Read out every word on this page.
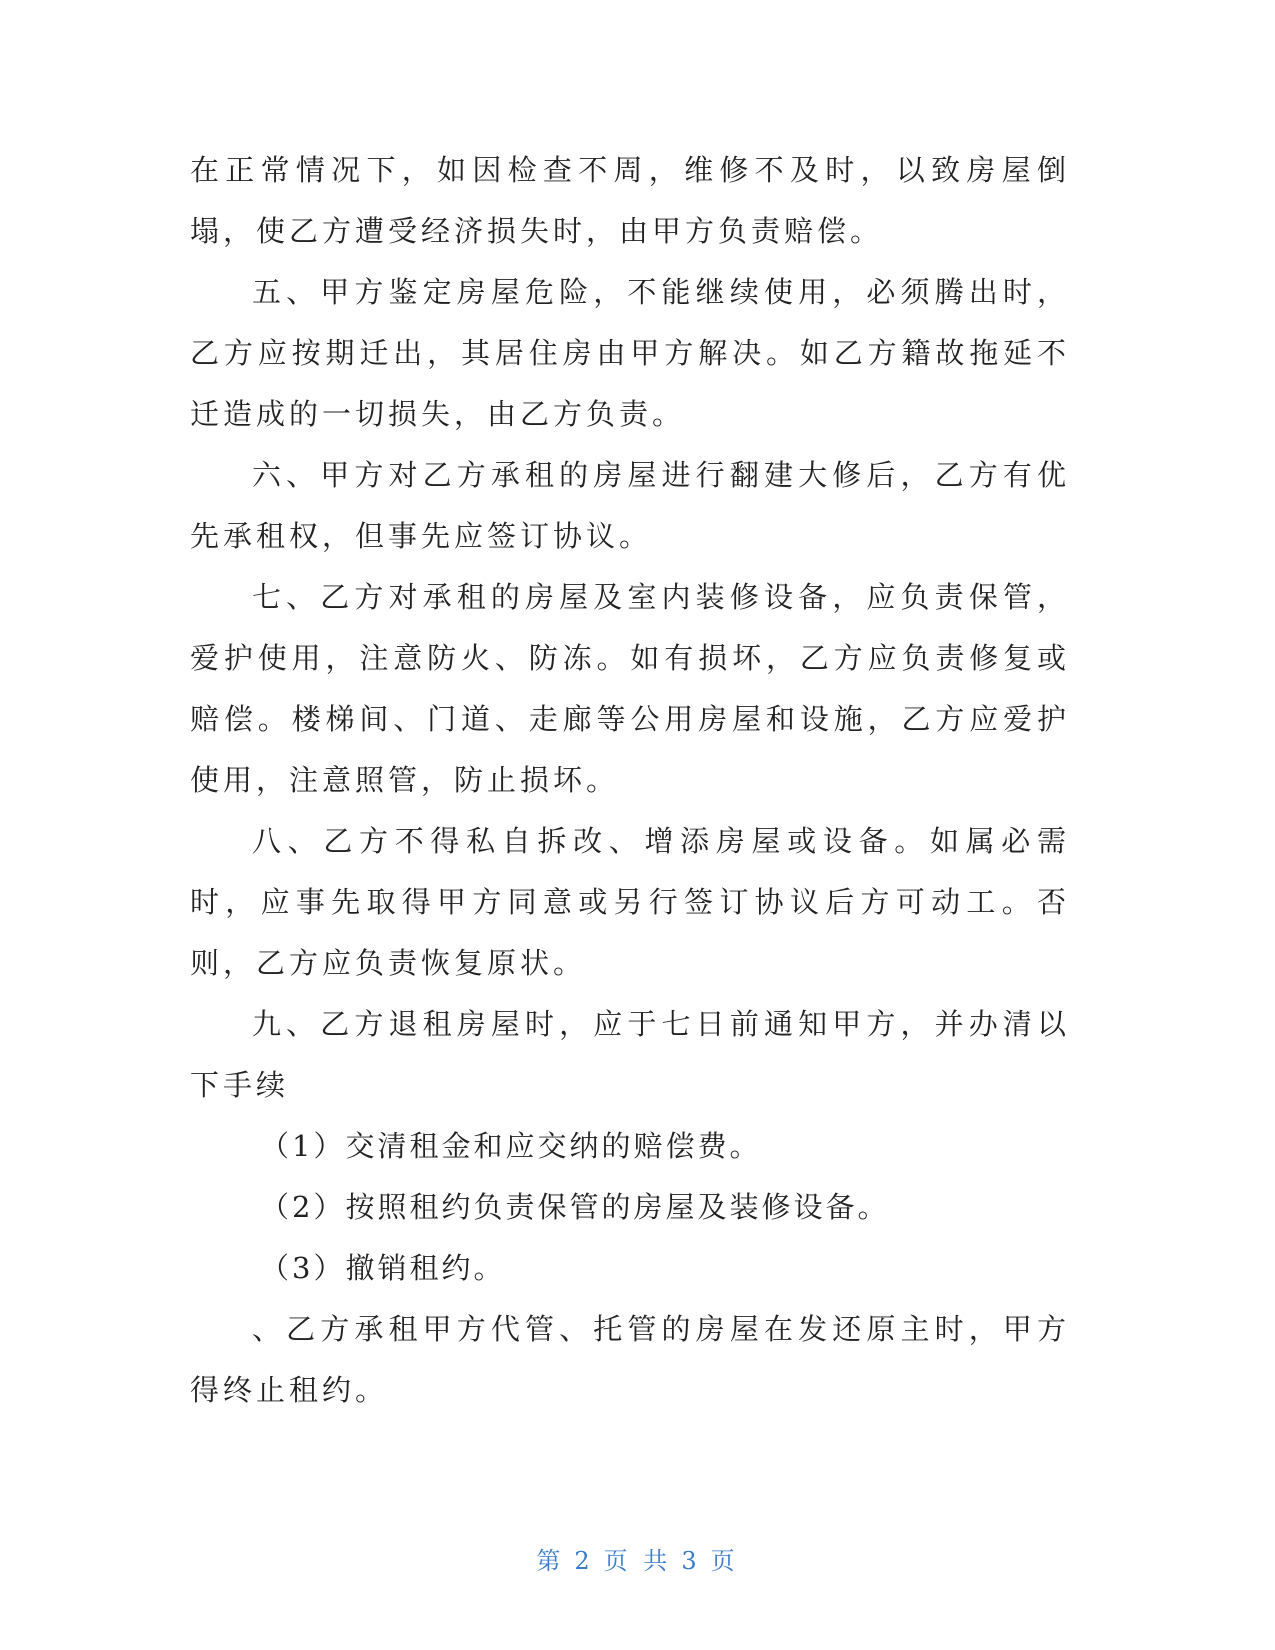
在正常情况下，如因检查不周，维修不及时，以致房屋倒塌，使乙方遭受经济损失时，由甲方负责赔偿。

五、甲方鉴定房屋危险，不能继续使用，必须腾出时，乙方应按期迁出，其居住房由甲方解决。如乙方籍故拖延不迁造成的一切损失，由乙方负责。

六、甲方对乙方承租的房屋进行翻建大修后，乙方有优先承租权，但事先应签订协议。

七、乙方对承租的房屋及室内装修设备，应负责保管，爱护使用，注意防火、防冻。如有损坏，乙方应负责修复或赔偿。楼梯间、门道、走廊等公用房屋和设施，乙方应爱护使用，注意照管，防止损坏。

八、乙方不得私自拆改、增添房屋或设备。如属必需时，应事先取得甲方同意或另行签订协议后方可动工。否则，乙方应负责恢复原状。

九、乙方退租房屋时，应于七日前通知甲方，并办清以下手续

（1）交清租金和应交纳的赔偿费。

（2）按照租约负责保管的房屋及装修设备。

（3）撤销租约。

、乙方承租甲方代管、托管的房屋在发还原主时，甲方得终止租约。

第 2 页 共 3 页
